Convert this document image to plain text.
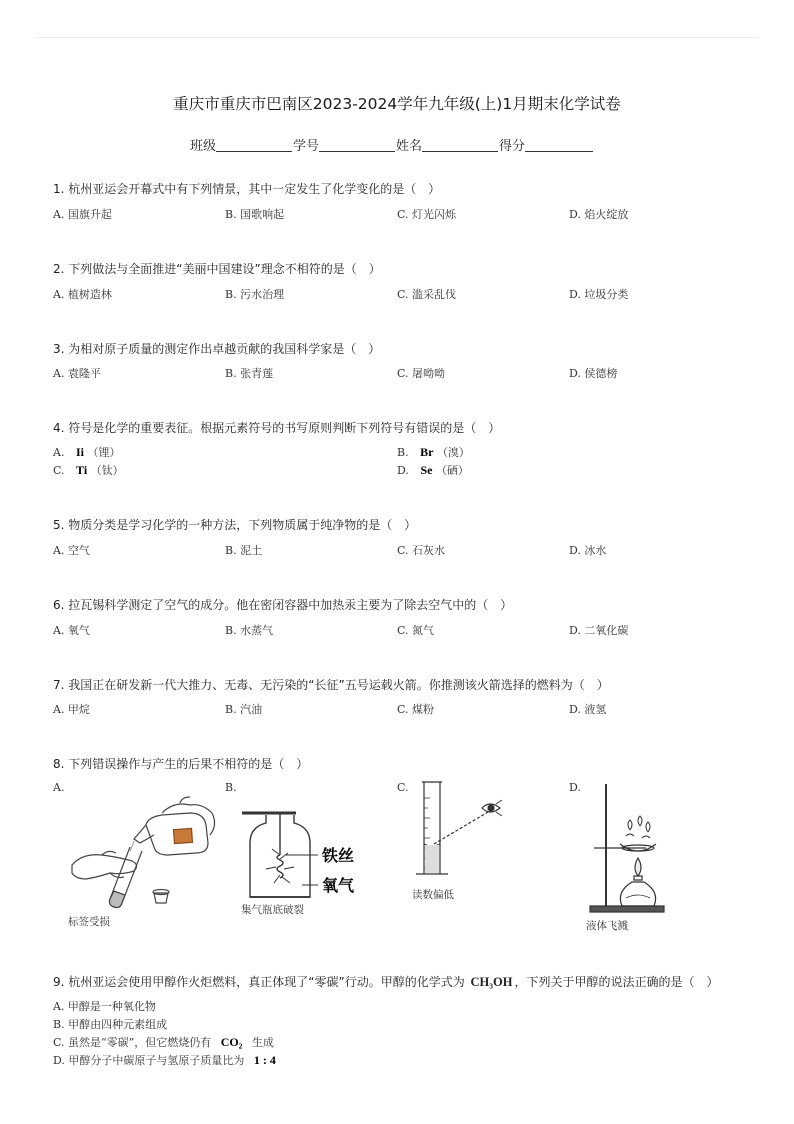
重庆市重庆市巴南区2023-2024学年九年级(上)1月期末化学试卷
班级	学号	姓名	得分
1. 杭州亚运会开幕式中有下列情景，其中一定发生了化学变化的是（　）
A. 国旗升起	B. 国歌响起	C. 灯光闪烁	D. 焰火绽放
2. 下列做法与全面推进“美丽中国建设”理念不相符的是（　）
A. 植树造林	B. 污水治理	C. 滥采乱伐	D. 垃圾分类
3. 为相对原子质量的测定作出卓越贡献的我国科学家是（　）
A. 袁隆平	B. 张青莲	C. 屠呦呦	D. 侯德榜
4. 符号是化学的重要表征。根据元素符号的书写原则判断下列符号有错误的是（　）
A. Ii （锂）	B. Br （溴）
C. Ti （钛）	D. Se （硒）
5. 物质分类是学习化学的一种方法，下列物质属于纯净物的是（　）
A. 空气	B. 泥土	C. 石灰水	D. 冰水
6. 拉瓦锡科学测定了空气的成分。他在密闭容器中加热汞主要为了除去空气中的（　）
A. 氧气	B. 水蒸气	C. 氮气	D. 二氧化碳
7. 我国正在研发新一代大推力、无毒、无污染的“长征”五号运载火箭。你推测该火箭选择的燃料为（　）
A. 甲烷	B. 汽油	C. 煤粉	D. 液氢
8. 下列错误操作与产生的后果不相符的是（　）
A.	B.	C.	D.
标签受损
铁丝
氧气
集气瓶底破裂
读数偏低
液体飞溅
9. 杭州亚运会使用甲醇作火炬燃料，真正体现了“零碳”行动。甲醇的化学式为 CH₃OH ，下列关于甲醇的说法正确的是（　）
A. 甲醇是一种氧化物
B. 甲醇由四种元素组成
C. 虽然是“零碳”，但它燃烧仍有 CO₂ 生成
D. 甲醇分子中碳原子与氢原子质量比为 1 : 4
